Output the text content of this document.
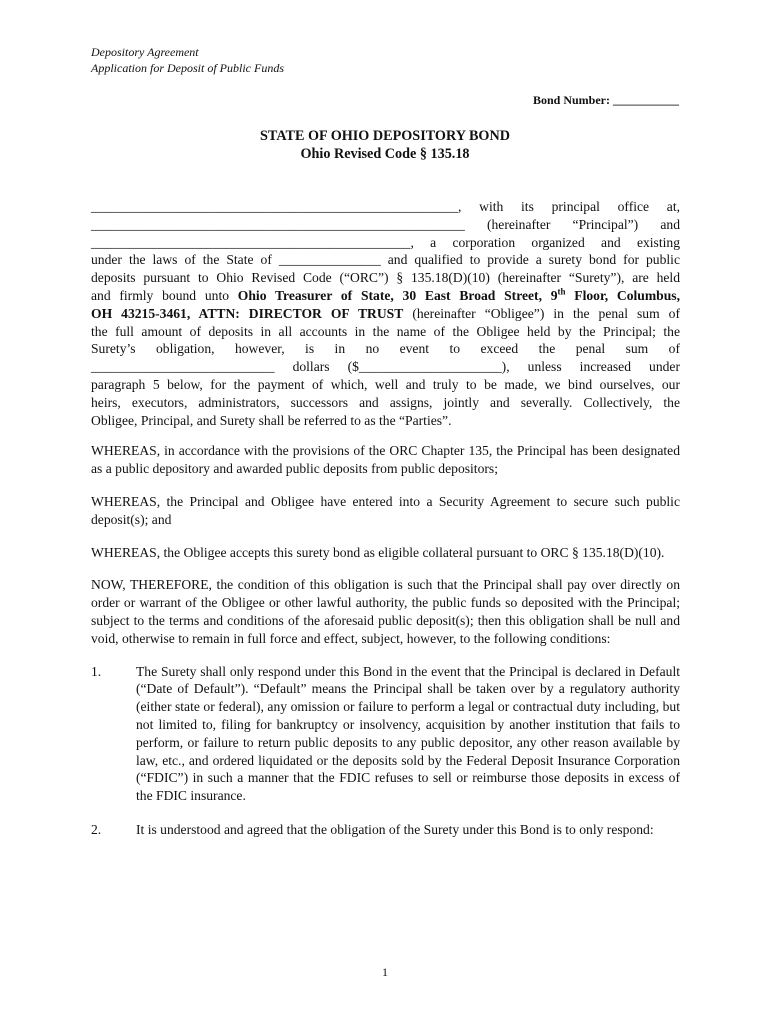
Depository Agreement
Application for Deposit of Public Funds
Bond Number: ___________
STATE OF OHIO DEPOSITORY BOND
Ohio Revised Code § 135.18
______________________________________________________, with its principal office at,
_______________________________________________________ (hereinafter “Principal”) and
_______________________________________________, a corporation organized and existing
under the laws of the State of _______________ and qualified to provide a surety bond for public
deposits pursuant to Ohio Revised Code (“ORC”) § 135.18(D)(10) (hereinafter “Surety”), are held
and firmly bound unto Ohio Treasurer of State, 30 East Broad Street, 9th Floor, Columbus,
OH 43215-3461, ATTN: DIRECTOR OF TRUST (hereinafter “Obligee”) in the penal sum of
the full amount of deposits in all accounts in the name of the Obligee held by the Principal; the
Surety’s obligation, however, is in no event to exceed the penal sum of
___________________________ dollars ($_____________________), unless increased under
paragraph 5 below, for the payment of which, well and truly to be made, we bind ourselves, our
heirs, executors, administrators, successors and assigns, jointly and severally. Collectively, the
Obligee, Principal, and Surety shall be referred to as the “Parties”.

WHEREAS, in accordance with the provisions of the ORC Chapter 135, the Principal has been designated as a public depository and awarded public deposits from public depositors;

WHEREAS, the Principal and Obligee have entered into a Security Agreement to secure such public deposit(s); and

WHEREAS, the Obligee accepts this surety bond as eligible collateral pursuant to ORC § 135.18(D)(10).

NOW, THEREFORE, the condition of this obligation is such that the Principal shall pay over directly on order or warrant of the Obligee or other lawful authority, the public funds so deposited with the Principal; subject to the terms and conditions of the aforesaid public deposit(s); then this obligation shall be null and void, otherwise to remain in full force and effect, subject, however, to the following conditions:

1.	The Surety shall only respond under this Bond in the event that the Principal is declared in Default (“Date of Default”). “Default” means the Principal shall be taken over by a regulatory authority (either state or federal), any omission or failure to perform a legal or contractual duty including, but not limited to, filing for bankruptcy or insolvency, acquisition by another institution that fails to perform, or failure to return public deposits to any public depositor, any other reason available by law, etc., and ordered liquidated or the deposits sold by the Federal Deposit Insurance Corporation (“FDIC”) in such a manner that the FDIC refuses to sell or reimburse those deposits in excess of the FDIC insurance.
2.	It is understood and agreed that the obligation of the Surety under this Bond is to only respond:
1
